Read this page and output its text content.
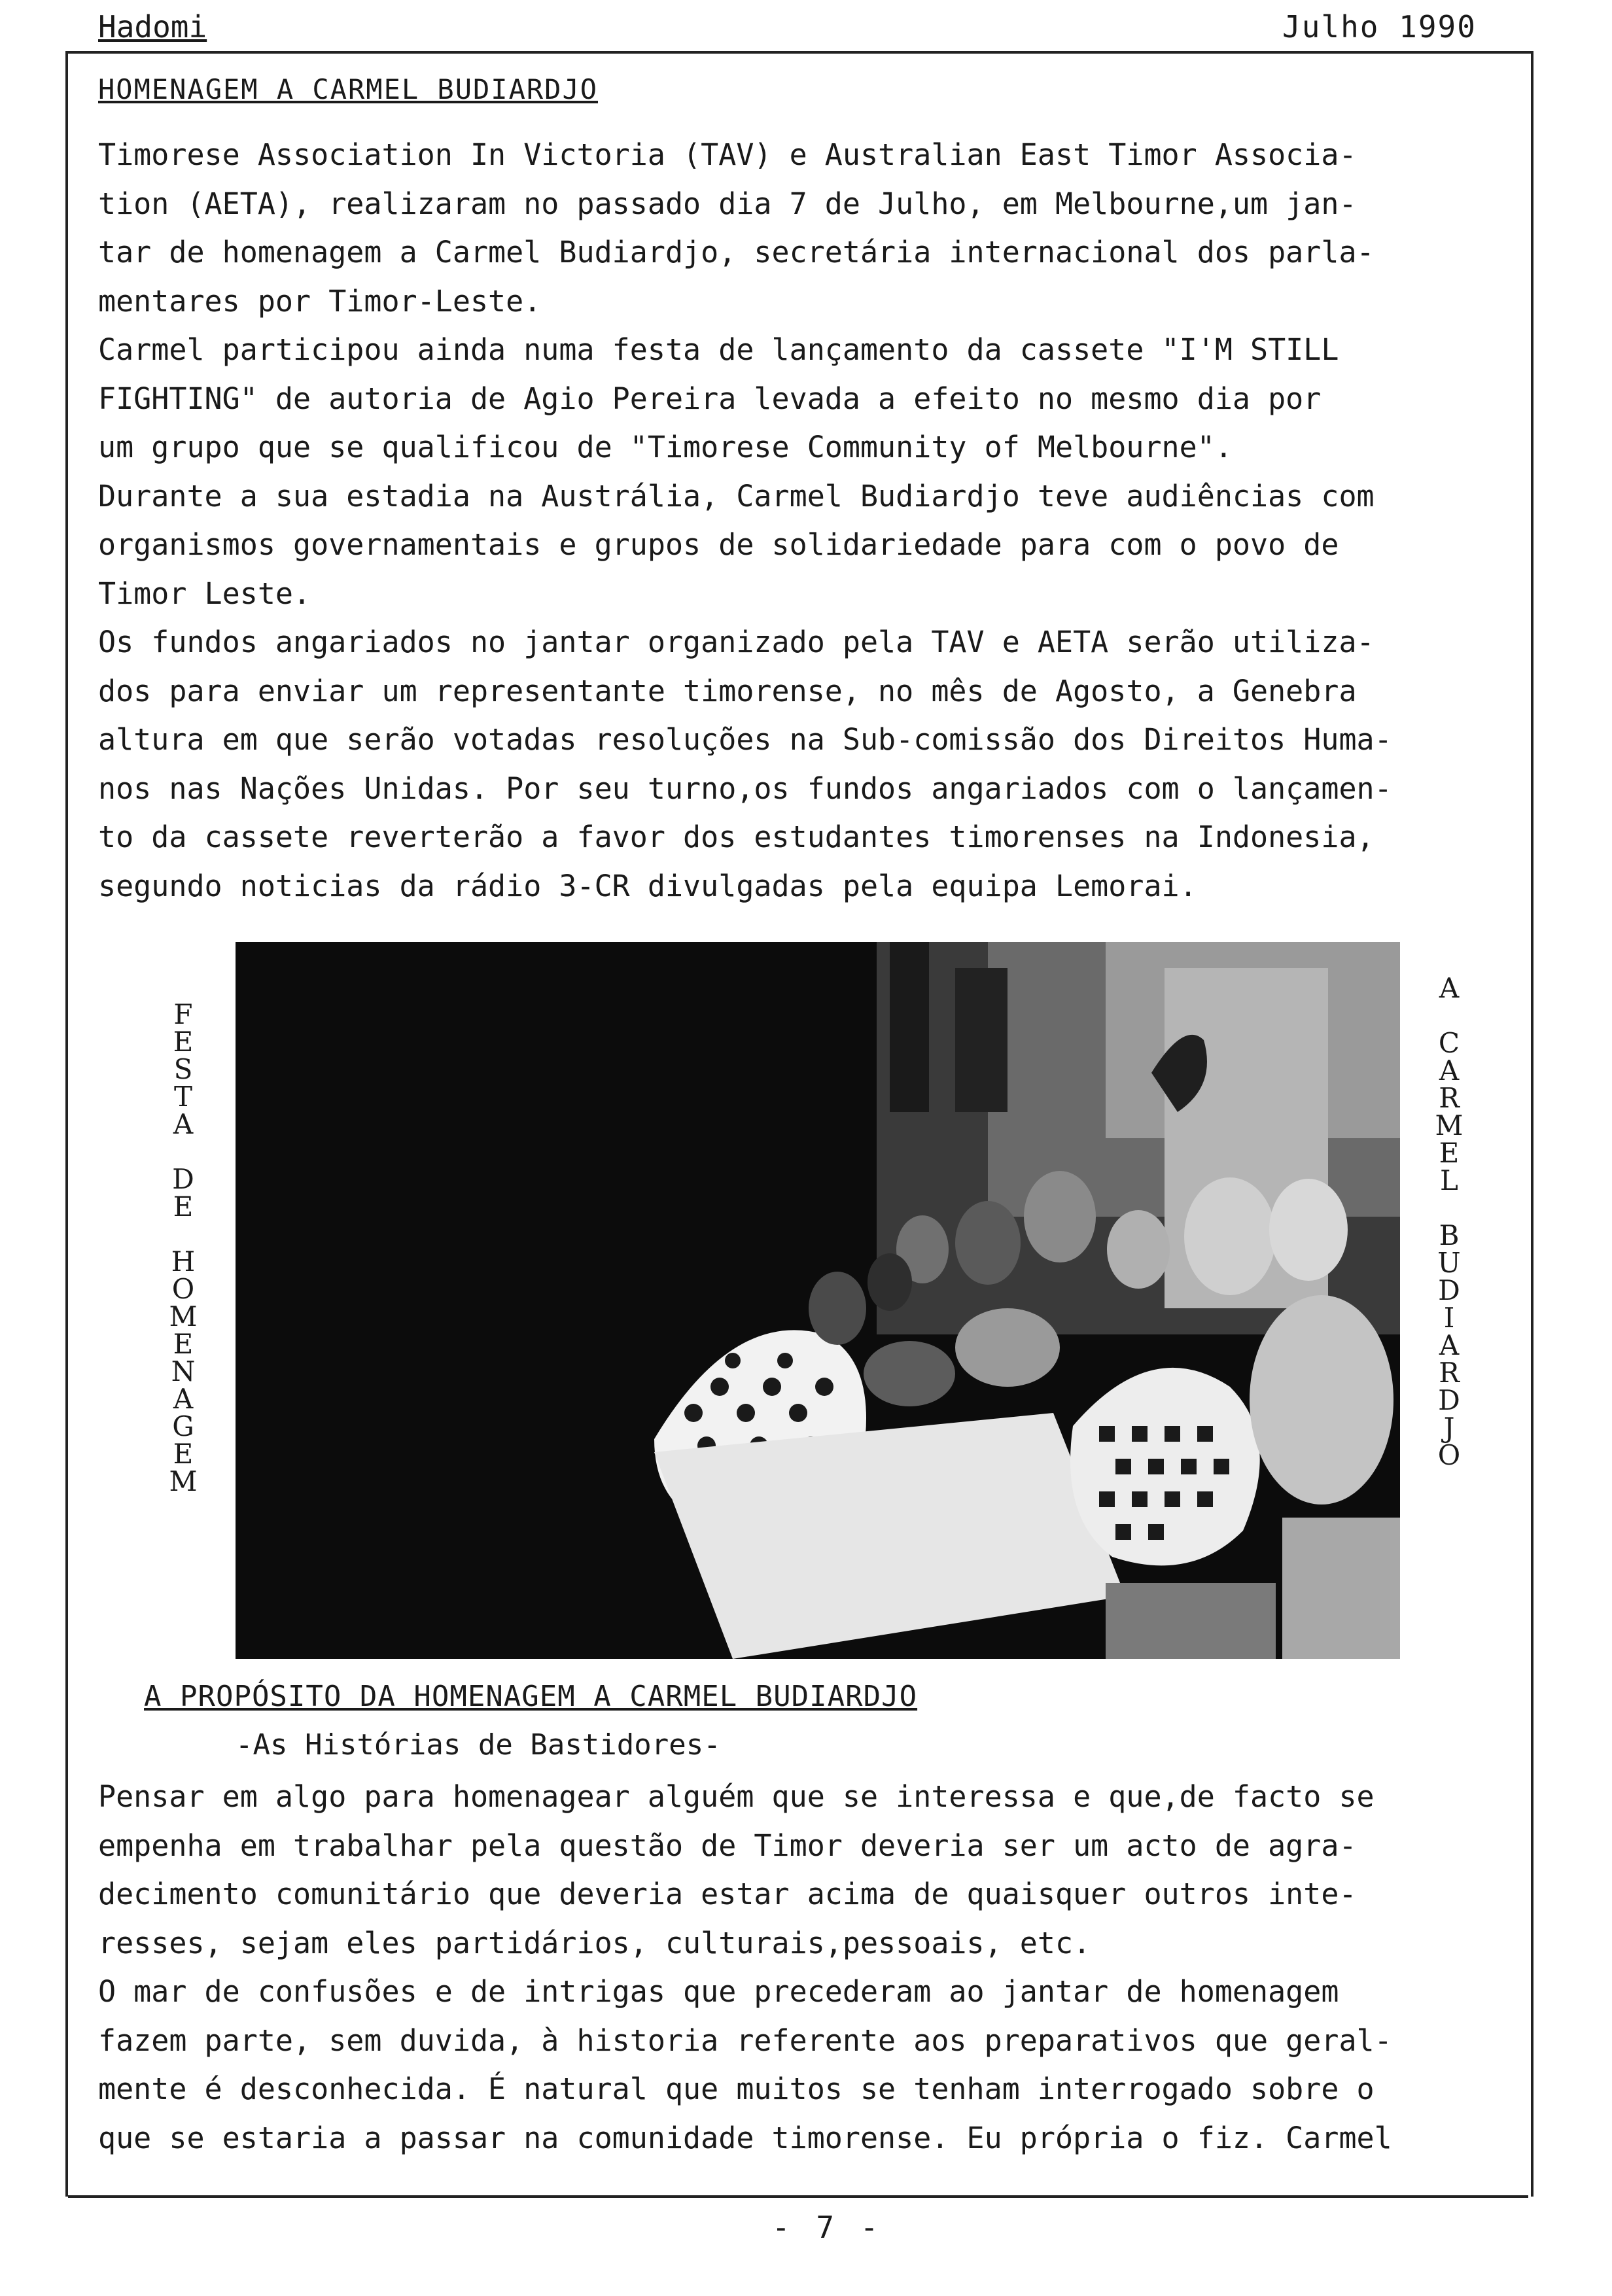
Hadomi	Julho 1990
HOMENAGEM A CARMEL BUDIARDJO

Timorese Association In Victoria (TAV) e Australian East Timor Associa-

tion (AETA), realizaram no passado dia 7 de Julho, em Melbourne,um jan-

tar de homenagem a Carmel Budiardjo, secretária internacional dos parla-

mentares por Timor-Leste.

Carmel participou ainda numa festa de lançamento da cassete "I'M STILL

FIGHTING" de autoria de Agio Pereira levada a efeito no mesmo dia por

um grupo que se qualificou de "Timorese Community of Melbourne".

Durante a sua estadia na Austrália, Carmel Budiardjo teve audiências com

organismos governamentais e grupos de solidariedade para com o povo de

Timor Leste.

Os fundos angariados no jantar organizado pela TAV e AETA serão utiliza-

dos para enviar um representante timorense, no mês de Agosto, a Genebra

altura em que serão votadas resoluções na Sub-comissão dos Direitos Huma-

nos nas Nações Unidas. Por seu turno,os fundos angariados com o lançamen-

to da cassete reverterão a favor dos estudantes timorenses na Indonesia,

segundo noticias da rádio 3-CR divulgadas pela equipa Lemorai.

F
E
S
T
A

D
E

H
O
M
E
N
A
G
E
M
A

C
A
R
M
E
L

B
U
D
I
A
R
D
J
O
A PROPÓSITO DA HOMENAGEM A CARMEL BUDIARDJO
-As Histórias de Bastidores-

Pensar em algo para homenagear alguém que se interessa e que,de facto se

empenha em trabalhar pela questão de Timor deveria ser um acto de agra-

decimento comunitário que deveria estar acima de quaisquer outros inte-

resses, sejam eles partidários, culturais,pessoais, etc.

O mar de confusões e de intrigas que precederam ao jantar de homenagem

fazem parte, sem duvida, à historia referente aos preparativos que geral-

mente é desconhecida. É natural que muitos se tenham interrogado sobre o

que se estaria a passar na comunidade timorense. Eu própria o fiz. Carmel

- 7 -
